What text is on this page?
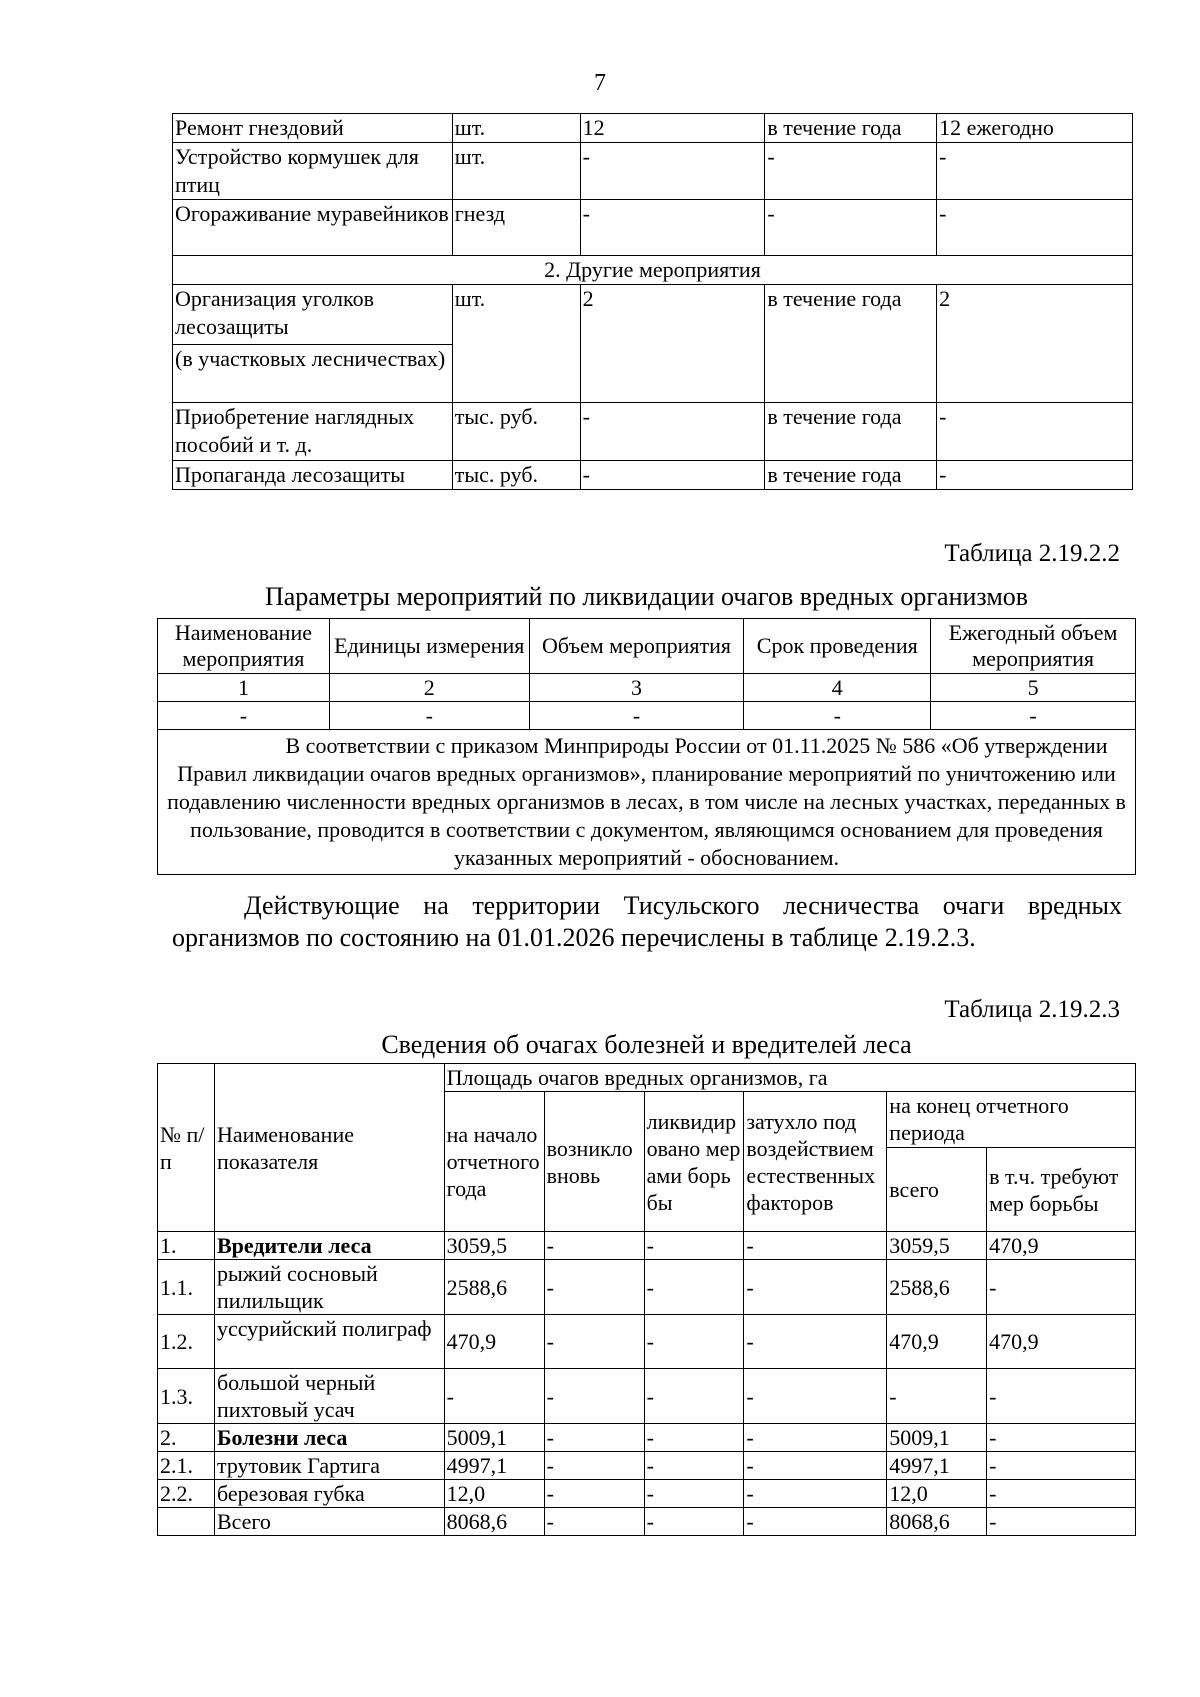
7
Ремонт гнездовий	шт.	12	в течение года	12 ежегодно
Устройство кормушек для птиц	шт.	-	-	-
Огораживание муравейников	гнезд	-	-	-
2. Другие мероприятия				
Организация уголков лесозащиты	шт.	2	в течение года	2
(в участковых лесничествах)				
Приобретение наглядных пособий и т. д.	тыс. руб.	-	в течение года	-
Пропаганда лесозащиты	тыс. руб.	-	в течение года	-
Таблица 2.19.2.2
Параметры мероприятий по ликвидации очагов вредных организмов
Наименование мероприятия	Единицы измерения	Объем мероприятия	Срок проведения	Ежегодный объем мероприятия
1	2	3	4	5
-	-	-	-	-
В соответствии с приказом Минприроды России от 01.11.2025 № 586 «Об утверждении Правил ликвидации очагов вредных организмов», планирование мероприятий по уничтожению или подавлению численности вредных организмов в лесах, в том числе на лесных участках, переданных в пользование, проводится в соответствии с документом, являющимся основанием для проведения указанных мероприятий - обоснованием.				
Действующие на территории Тисульского лесничества очаги вредных организмов по состоянию на 01.01.2026 перечислены в таблице 2.19.2.3.
Таблица 2.19.2.3
Сведения об очагах болезней и вредителей леса
№ п/п	Наименование показателя	Площадь очагов вредных организмов, га					
		на начало отчетного года	возникло вновь	ликвидировано мерами борьбы	затухло под воздействием естественных факторов	на конец отчетного периода	
						всего	в т.ч. требуют мер борьбы
1.	Вредители леса	3059,5	-	-	-	3059,5	470,9
1.1.	рыжий сосновый пилильщик	2588,6	-	-	-	2588,6	-
1.2.	уссурийский полиграф	470,9	-	-	-	470,9	470,9
1.3.	большой черный пихтовый усач	-	-	-	-	-	-
2.	Болезни леса	5009,1	-	-	-	5009,1	-
2.1.	трутовик Гартига	4997,1	-	-	-	4997,1	-
2.2.	березовая губка	12,0	-	-	-	12,0	-
	Всего	8068,6	-	-	-	8068,6	-
